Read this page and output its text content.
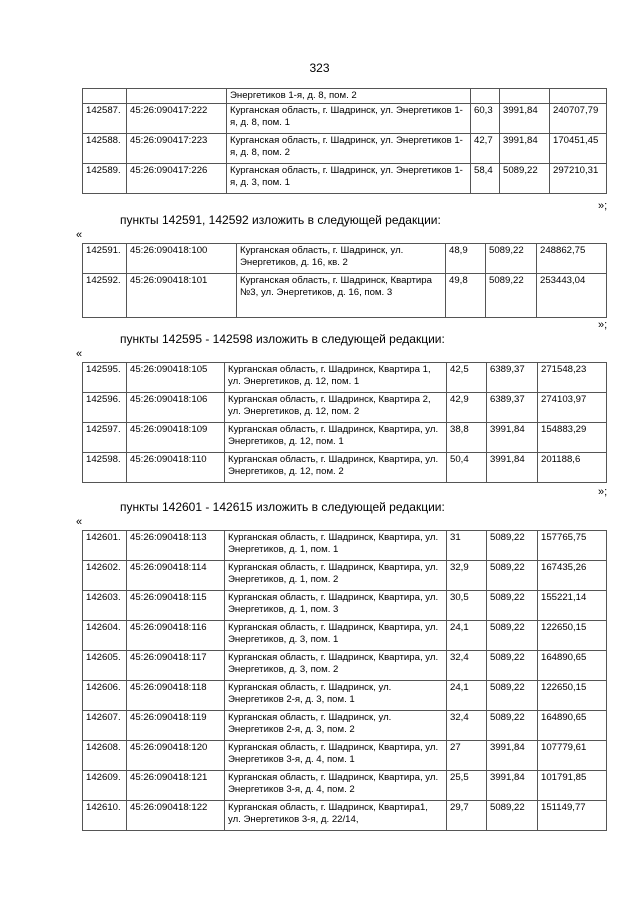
323
		Энергетиков 1-я, д. 8, пом. 2			
142587.	45:26:090417:222	Курганская область, г. Шадринск, ул. Энергетиков 1-я, д. 8, пом. 1	60,3	3991,84	240707,79
142588.	45:26:090417:223	Курганская область, г. Шадринск, ул. Энергетиков 1-я, д. 8, пом. 2	42,7	3991,84	170451,45
142589.	45:26:090417:226	Курганская область, г. Шадринск, ул. Энергетиков 1-я, д. 3, пом. 1	58,4	5089,22	297210,31
»;
пункты 142591, 142592 изложить в следующей редакции:
«
142591.	45:26:090418:100	Курганская область, г. Шадринск, ул. Энергетиков, д. 16, кв. 2	48,9	5089,22	248862,75
142592.	45:26:090418:101	Курганская область, г. Шадринск, Квартира №3, ул. Энергетиков, д. 16, пом. 3	49,8	5089,22	253443,04
»;
пункты 142595 - 142598 изложить в следующей редакции:
«
142595.	45:26:090418:105	Курганская область, г. Шадринск, Квартира 1, ул. Энергетиков, д. 12, пом. 1	42,5	6389,37	271548,23
142596.	45:26:090418:106	Курганская область, г. Шадринск, Квартира 2, ул. Энергетиков, д. 12, пом. 2	42,9	6389,37	274103,97
142597.	45:26:090418:109	Курганская область, г. Шадринск, Квартира, ул. Энергетиков, д. 12, пом. 1	38,8	3991,84	154883,29
142598.	45:26:090418:110	Курганская область, г. Шадринск, Квартира, ул. Энергетиков, д. 12, пом. 2	50,4	3991,84	201188,6
»;
пункты 142601 - 142615 изложить в следующей редакции:
«
142601.	45:26:090418:113	Курганская область, г. Шадринск, Квартира, ул. Энергетиков, д. 1, пом. 1	31	5089,22	157765,75
142602.	45:26:090418:114	Курганская область, г. Шадринск, Квартира, ул. Энергетиков, д. 1, пом. 2	32,9	5089,22	167435,26
142603.	45:26:090418:115	Курганская область, г. Шадринск, Квартира, ул. Энергетиков, д. 1, пом. 3	30,5	5089,22	155221,14
142604.	45:26:090418:116	Курганская область, г. Шадринск, Квартира, ул. Энергетиков, д. 3, пом. 1	24,1	5089,22	122650,15
142605.	45:26:090418:117	Курганская область, г. Шадринск, Квартира, ул. Энергетиков, д. 3, пом. 2	32,4	5089,22	164890,65
142606.	45:26:090418:118	Курганская область, г. Шадринск, ул. Энергетиков 2-я, д. 3, пом. 1	24,1	5089,22	122650,15
142607.	45:26:090418:119	Курганская область, г. Шадринск, ул. Энергетиков 2-я, д. 3, пом. 2	32,4	5089,22	164890,65
142608.	45:26:090418:120	Курганская область, г. Шадринск, Квартира, ул. Энергетиков 3-я, д. 4, пом. 1	27	3991,84	107779,61
142609.	45:26:090418:121	Курганская область, г. Шадринск, Квартира, ул. Энергетиков 3-я, д. 4, пом. 2	25,5	3991,84	101791,85
142610.	45:26:090418:122	Курганская область, г. Шадринск, Квартира1, ул. Энергетиков 3-я, д. 22/14,	29,7	5089,22	151149,77
